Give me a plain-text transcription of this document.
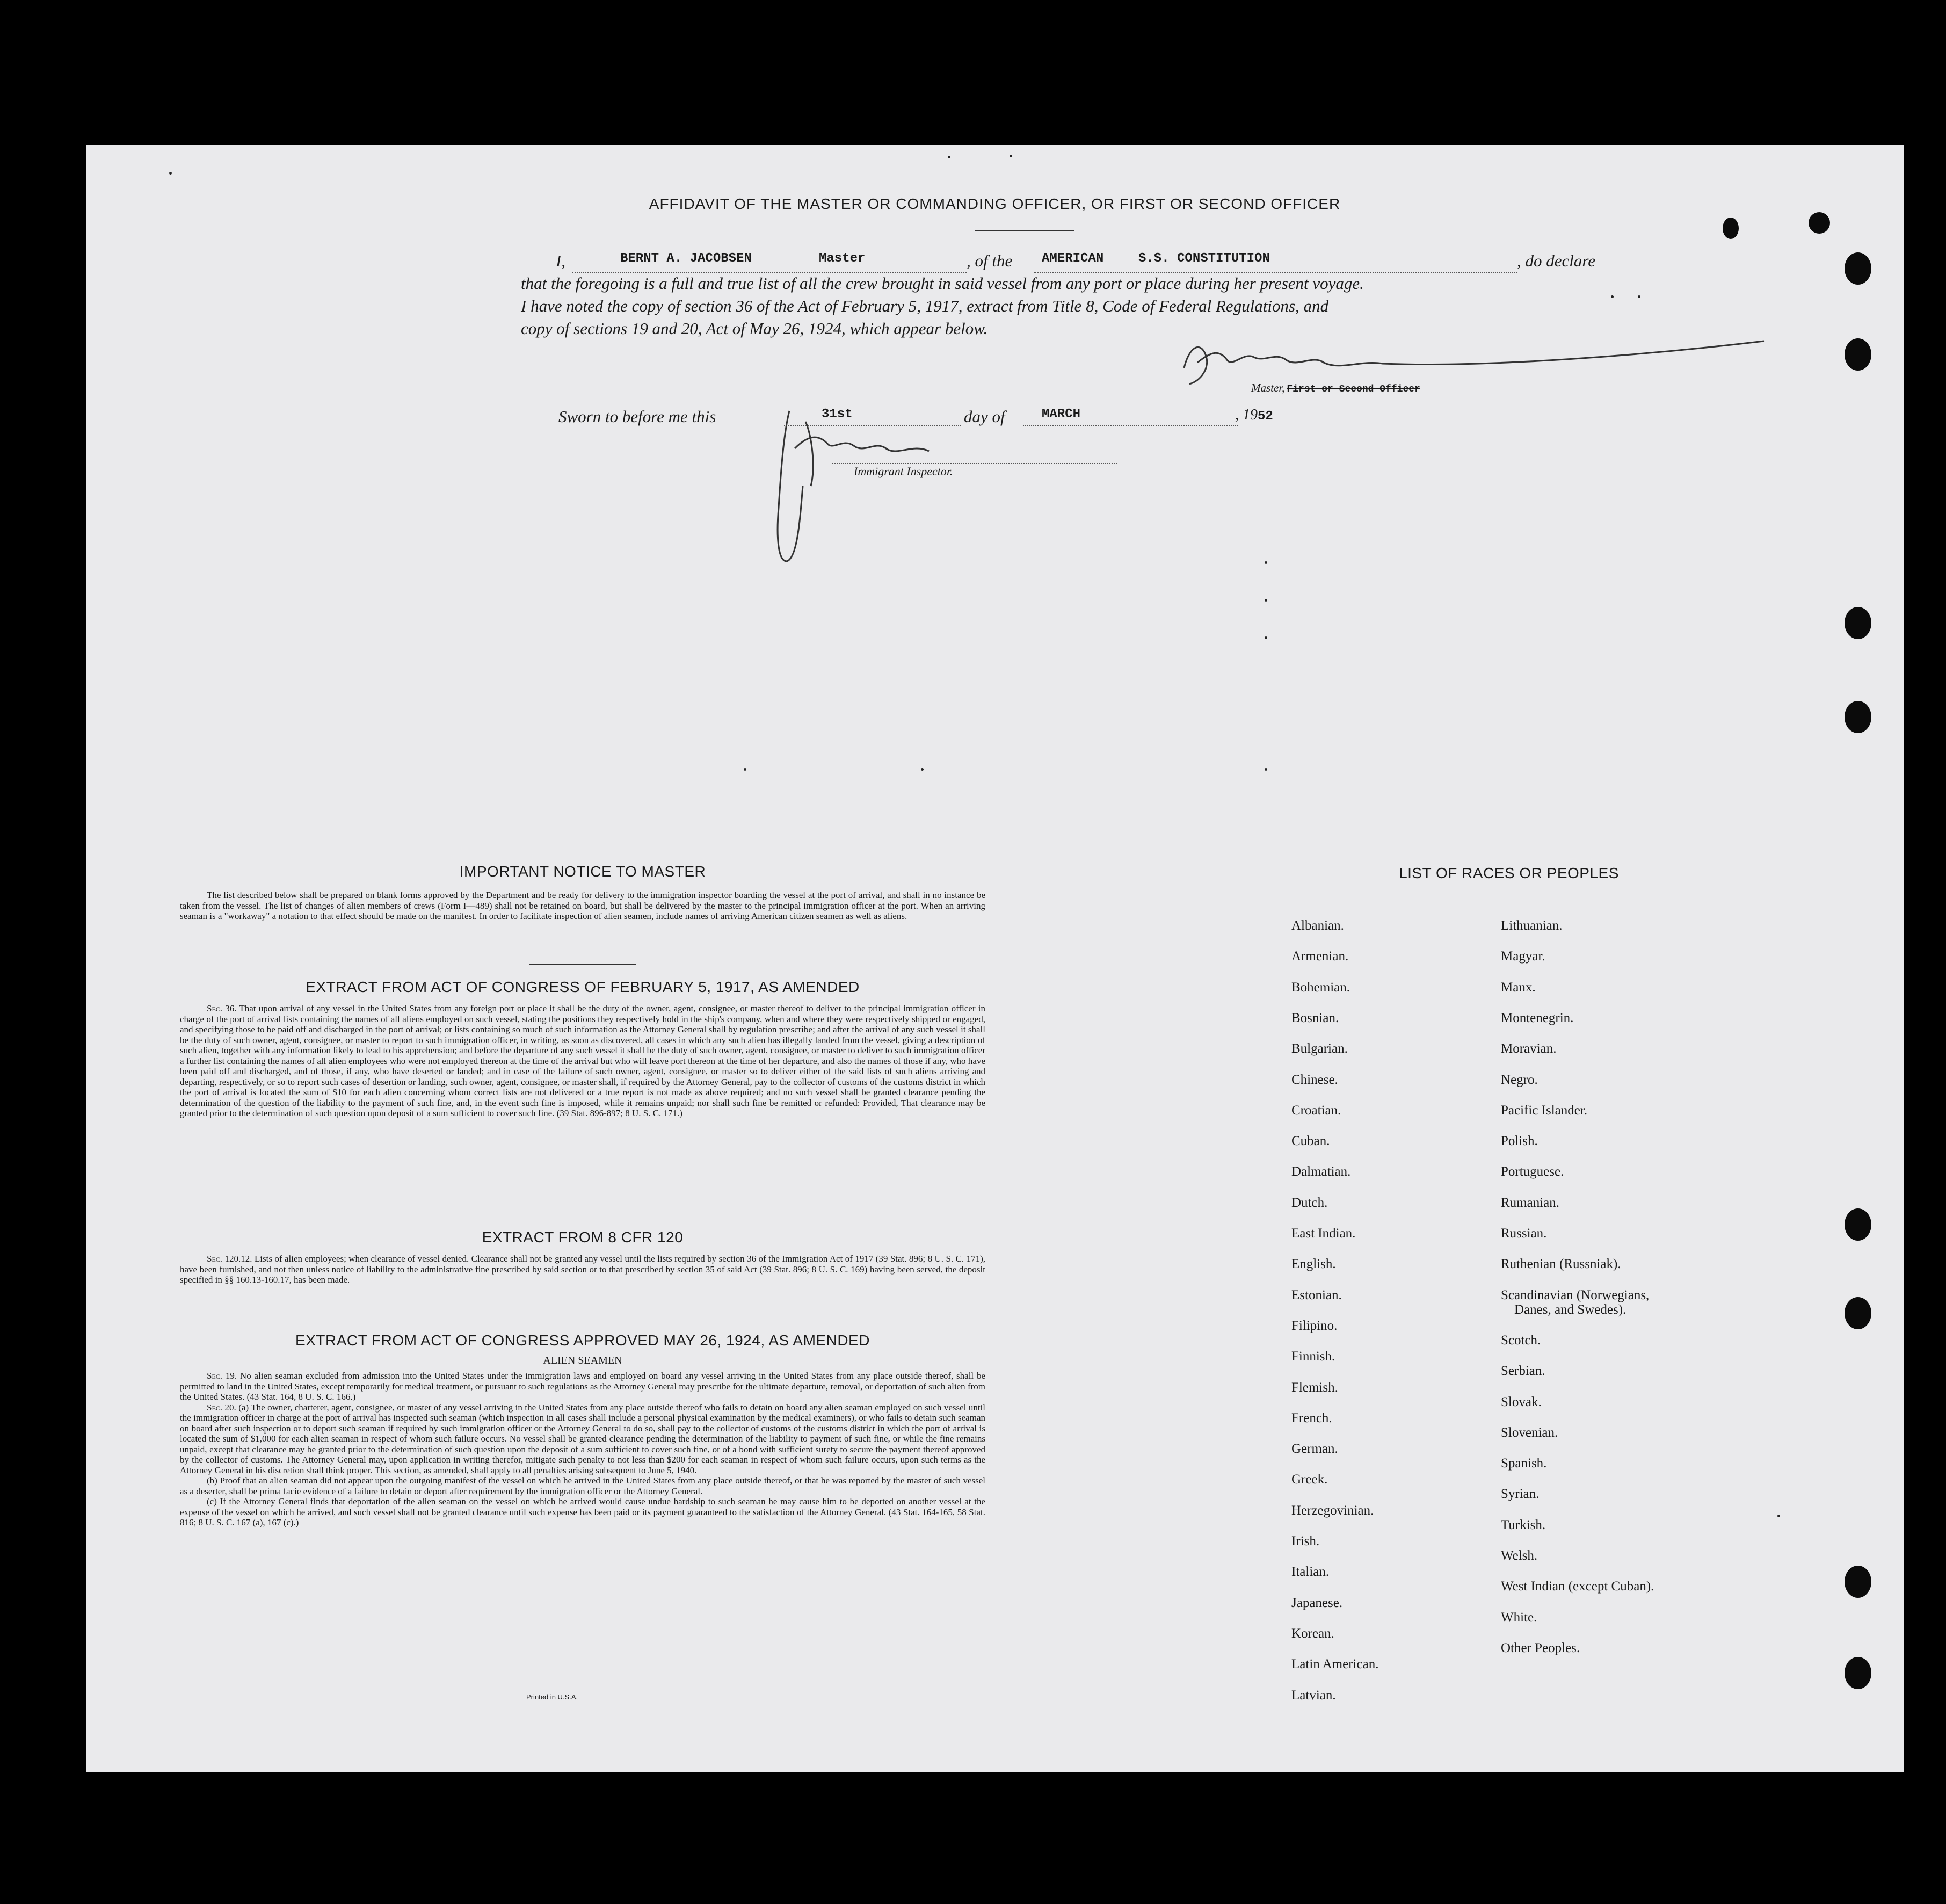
AFFIDAVIT OF THE MASTER OR COMMANDING OFFICER, OR FIRST OR SECOND OFFICER
I,	BERNT A. JACOBSEN	Master	, of the AMERICAN	S.S. CONSTITUTION	, do declare
that the foregoing is a full and true list of all the crew brought in said vessel from any port or place during her present voyage.
I have noted the copy of section 36 of the Act of February 5, 1917, extract from Title 8, Code of Federal Regulations, and
copy of sections 19 and 20, Act of May 26, 1924, which appear below.
Master, First or Second Officer
Sworn to before me this	31st	day of	MARCH	, 1952
Immigrant Inspector.
IMPORTANT NOTICE TO MASTER
The list described below shall be prepared on blank forms approved by the Department and be ready for delivery to the immigration inspector boarding the vessel at the port of arrival, and shall in no instance be taken from the vessel. The list of changes of alien members of crews (Form I—489) shall not be retained on board, but shall be delivered by the master to the principal immigration officer at the port. When an arriving seaman is a "workaway" a notation to that effect should be made on the manifest. In order to facilitate inspection of alien seamen, include names of arriving American citizen seamen as well as aliens.
EXTRACT FROM ACT OF CONGRESS OF FEBRUARY 5, 1917, AS AMENDED
Sec. 36. That upon arrival of any vessel in the United States from any foreign port or place it shall be the duty of the owner, agent, consignee, or master thereof to deliver to the principal immigration officer in charge of the port of arrival lists containing the names of all aliens employed on such vessel, stating the positions they respectively hold in the ship's company, when and where they were respectively shipped or engaged, and specifying those to be paid off and discharged in the port of arrival; or lists containing so much of such information as the Attorney General shall by regulation prescribe; and after the arrival of any such vessel it shall be the duty of such owner, agent, consignee, or master to report to such immigration officer, in writing, as soon as discovered, all cases in which any such alien has illegally landed from the vessel, giving a description of such alien, together with any information likely to lead to his apprehension; and before the departure of any such vessel it shall be the duty of such owner, agent, consignee, or master to deliver to such immigration officer a further list containing the names of all alien employees who were not employed thereon at the time of the arrival but who will leave port thereon at the time of her departure, and also the names of those if any, who have been paid off and discharged, and of those, if any, who have deserted or landed; and in case of the failure of such owner, agent, consignee, or master so to deliver either of the said lists of such aliens arriving and departing, respectively, or so to report such cases of desertion or landing, such owner, agent, consignee, or master shall, if required by the Attorney General, pay to the collector of customs of the customs district in which the port of arrival is located the sum of $10 for each alien concerning whom correct lists are not delivered or a true report is not made as above required; and no such vessel shall be granted clearance pending the determination of the question of the liability to the payment of such fine, and, in the event such fine is imposed, while it remains unpaid; nor shall such fine be remitted or refunded: Provided, That clearance may be granted prior to the determination of such question upon deposit of a sum sufficient to cover such fine. (39 Stat. 896-897; 8 U. S. C. 171.)
EXTRACT FROM 8 CFR 120
Sec. 120.12. Lists of alien employees; when clearance of vessel denied. Clearance shall not be granted any vessel until the lists required by section 36 of the Immigration Act of 1917 (39 Stat. 896; 8 U. S. C. 171), have been furnished, and not then unless notice of liability to the administrative fine prescribed by said section or to that prescribed by section 35 of said Act (39 Stat. 896; 8 U. S. C. 169) having been served, the deposit specified in §§ 160.13-160.17, has been made.
EXTRACT FROM ACT OF CONGRESS APPROVED MAY 26, 1924, AS AMENDED
ALIEN SEAMEN
Sec. 19. No alien seaman excluded from admission into the United States under the immigration laws and employed on board any vessel arriving in the United States from any place outside thereof, shall be permitted to land in the United States, except temporarily for medical treatment, or pursuant to such regulations as the Attorney General may prescribe for the ultimate departure, removal, or deportation of such alien from the United States. (43 Stat. 164, 8 U. S. C. 166.)
Sec. 20. (a) The owner, charterer, agent, consignee, or master of any vessel arriving in the United States from any place outside thereof who fails to detain on board any alien seaman employed on such vessel until the immigration officer in charge at the port of arrival has inspected such seaman (which inspection in all cases shall include a personal physical examination by the medical examiners), or who fails to detain such seaman on board after such inspection or to deport such seaman if required by such immigration officer or the Attorney General to do so, shall pay to the collector of customs of the customs district in which the port of arrival is located the sum of $1,000 for each alien seaman in respect of whom such failure occurs. No vessel shall be granted clearance pending the determination of the liability to payment of such fine, or while the fine remains unpaid, except that clearance may be granted prior to the determination of such question upon the deposit of a sum sufficient to cover such fine, or of a bond with sufficient surety to secure the payment thereof approved by the collector of customs. The Attorney General may, upon application in writing therefor, mitigate such penalty to not less than $200 for each seaman in respect of whom such failure occurs, upon such terms as the Attorney General in his discretion shall think proper. This section, as amended, shall apply to all penalties arising subsequent to June 5, 1940.
(b) Proof that an alien seaman did not appear upon the outgoing manifest of the vessel on which he arrived in the United States from any place outside thereof, or that he was reported by the master of such vessel as a deserter, shall be prima facie evidence of a failure to detain or deport after requirement by the immigration officer or the Attorney General.
(c) If the Attorney General finds that deportation of the alien seaman on the vessel on which he arrived would cause undue hardship to such seaman he may cause him to be deported on another vessel at the expense of the vessel on which he arrived, and such vessel shall not be granted clearance until such expense has been paid or its payment guaranteed to the satisfaction of the Attorney General. (43 Stat. 164-165, 58 Stat. 816; 8 U. S. C. 167 (a), 167 (c).)
Printed in U.S.A.
LIST OF RACES OR PEOPLES
Albanian.
Armenian.
Bohemian.
Bosnian.
Bulgarian.
Chinese.
Croatian.
Cuban.
Dalmatian.
Dutch.
East Indian.
English.
Estonian.
Filipino.
Finnish.
Flemish.
French.
German.
Greek.
Herzegovinian.
Irish.
Italian.
Japanese.
Korean.
Latin American.
Latvian.
Lithuanian.
Magyar.
Manx.
Montenegrin.
Moravian.
Negro.
Pacific Islander.
Polish.
Portuguese.
Rumanian.
Russian.
Ruthenian (Russniak).
Scandinavian (Norwegians,
Danes, and Swedes).
Scotch.
Serbian.
Slovak.
Slovenian.
Spanish.
Syrian.
Turkish.
Welsh.
West Indian (except Cuban).
White.
Other Peoples.
